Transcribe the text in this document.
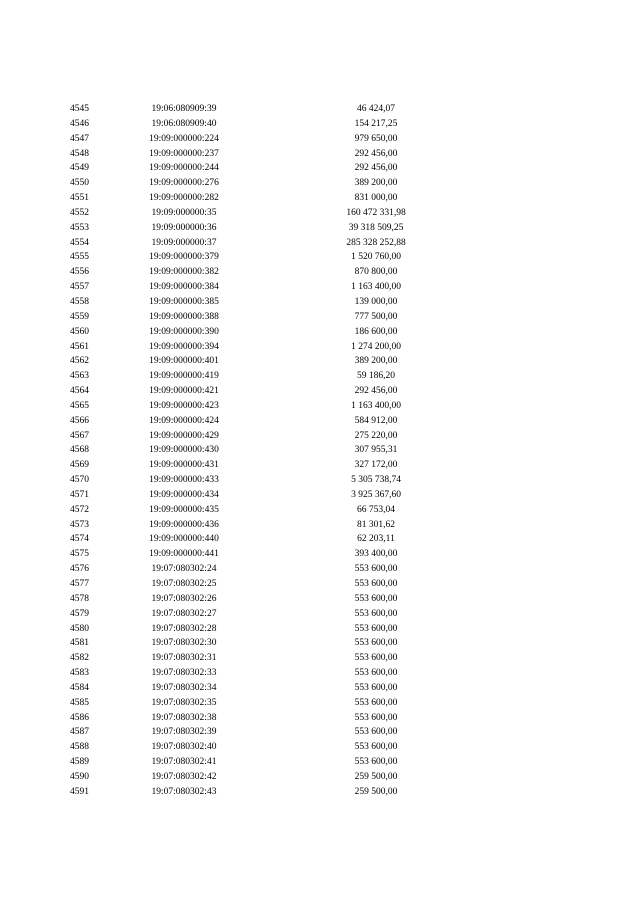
4545	19:06:080909:39	46 424,07
4546	19:06:080909:40	154 217,25
4547	19:09:000000:224	979 650,00
4548	19:09:000000:237	292 456,00
4549	19:09:000000:244	292 456,00
4550	19:09:000000:276	389 200,00
4551	19:09:000000:282	831 000,00
4552	19:09:000000:35	160 472 331,98
4553	19:09:000000:36	39 318 509,25
4554	19:09:000000:37	285 328 252,88
4555	19:09:000000:379	1 520 760,00
4556	19:09:000000:382	870 800,00
4557	19:09:000000:384	1 163 400,00
4558	19:09:000000:385	139 000,00
4559	19:09:000000:388	777 500,00
4560	19:09:000000:390	186 600,00
4561	19:09:000000:394	1 274 200,00
4562	19:09:000000:401	389 200,00
4563	19:09:000000:419	59 186,20
4564	19:09:000000:421	292 456,00
4565	19:09:000000:423	1 163 400,00
4566	19:09:000000:424	584 912,00
4567	19:09:000000:429	275 220,00
4568	19:09:000000:430	307 955,31
4569	19:09:000000:431	327 172,00
4570	19:09:000000:433	5 305 738,74
4571	19:09:000000:434	3 925 367,60
4572	19:09:000000:435	66 753,04
4573	19:09:000000:436	81 301,62
4574	19:09:000000:440	62 203,11
4575	19:09:000000:441	393 400,00
4576	19:07:080302:24	553 600,00
4577	19:07:080302:25	553 600,00
4578	19:07:080302:26	553 600,00
4579	19:07:080302:27	553 600,00
4580	19:07:080302:28	553 600,00
4581	19:07:080302:30	553 600,00
4582	19:07:080302:31	553 600,00
4583	19:07:080302:33	553 600,00
4584	19:07:080302:34	553 600,00
4585	19:07:080302:35	553 600,00
4586	19:07:080302:38	553 600,00
4587	19:07:080302:39	553 600,00
4588	19:07:080302:40	553 600,00
4589	19:07:080302:41	553 600,00
4590	19:07:080302:42	259 500,00
4591	19:07:080302:43	259 500,00
